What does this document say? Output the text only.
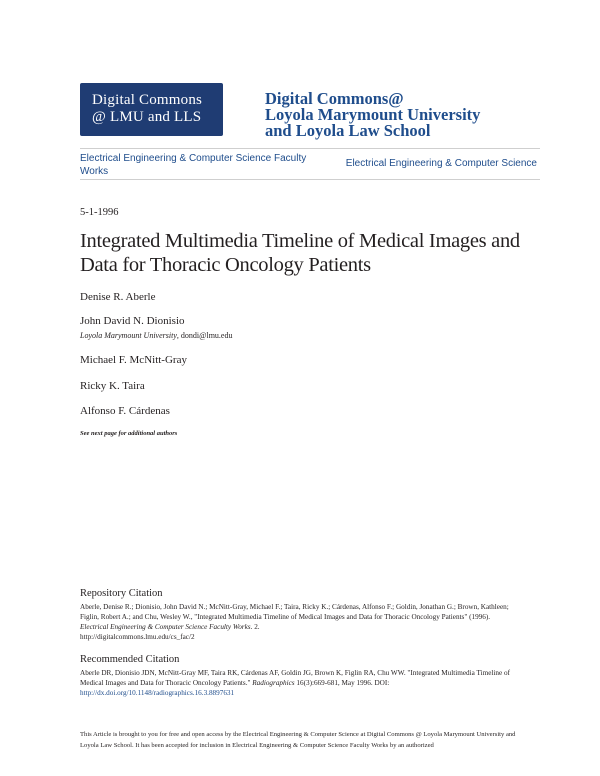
Digital Commons
@ LMU and LLS
Digital Commons@
Loyola Marymount University
and Loyola Law School
Electrical Engineering & Computer Science Faculty Works
Electrical Engineering & Computer Science
5-1-1996
Integrated Multimedia Timeline of Medical Images and Data for Thoracic Oncology Patients
Denise R. Aberle
John David N. Dionisio
Loyola Marymount University, dondi@lmu.edu
Michael F. McNitt-Gray
Ricky K. Taira
Alfonso F. Cárdenas
See next page for additional authors
Repository Citation
Aberle, Denise R.; Dionisio, John David N.; McNitt-Gray, Michael F.; Taira, Ricky K.; Cárdenas, Alfonso F.; Goldin, Jonathan G.; Brown, Kathleen; Figlin, Robert A.; and Chu, Wesley W., "Integrated Multimedia Timeline of Medical Images and Data for Thoracic Oncology Patients" (1996). Electrical Engineering & Computer Science Faculty Works. 2.
http://digitalcommons.lmu.edu/cs_fac/2
Recommended Citation
Aberle DR, Dionisio JDN, McNitt-Gray MF, Taira RK, Cárdenas AF, Goldin JG, Brown K, Figlin RA, Chu WW. "Integrated Multimedia Timeline of Medical Images and Data for Thoracic Oncology Patients." Radiographics 16(3):669-681, May 1996. DOI:
http://dx.doi.org/10.1148/radiographics.16.3.8897631
This Article is brought to you for free and open access by the Electrical Engineering & Computer Science at Digital Commons @ Loyola Marymount University and Loyola Law School. It has been accepted for inclusion in Electrical Engineering & Computer Science Faculty Works by an authorized
